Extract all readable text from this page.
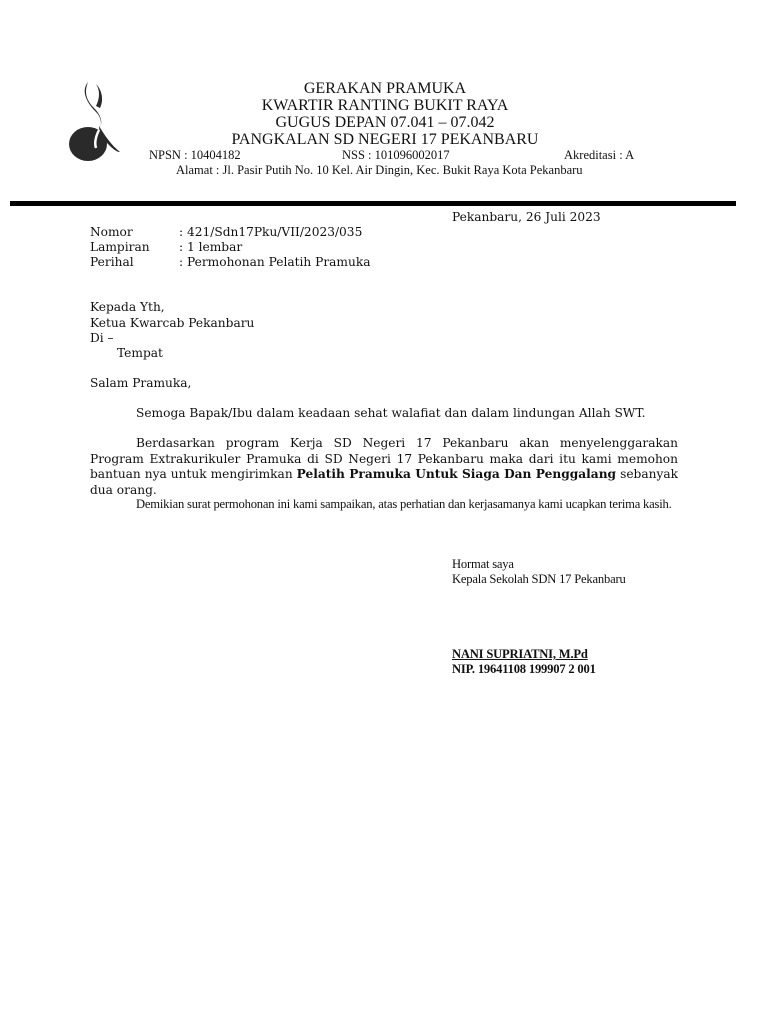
GERAKAN PRAMUKA
KWARTIR RANTING BUKIT RAYA
GUGUS DEPAN 07.041 – 07.042
PANGKALAN SD NEGERI 17 PEKANBARU
NPSN : 10404182	NSS : 101096002017	Akreditasi : A
Alamat : Jl. Pasir Putih No. 10 Kel. Air Dingin, Kec. Bukit Raya Kota Pekanbaru
Pekanbaru, 26 Juli 2023
Nomor	: 421/Sdn17Pku/VII/2023/035
Lampiran : 1 lembar
Perihal	: Permohonan Pelatih Pramuka
Kepada Yth,
Ketua Kwarcab Pekanbaru
Di –
Tempat
Salam Pramuka,
Semoga Bapak/Ibu dalam keadaan sehat walafiat dan dalam lindungan Allah SWT.
Berdasarkan program Kerja SD Negeri 17 Pekanbaru akan menyelenggarakan Program Extrakurikuler Pramuka di SD Negeri 17 Pekanbaru maka dari itu kami memohon bantuan nya untuk mengirimkan Pelatih Pramuka Untuk Siaga Dan Penggalang sebanyak dua orang.
Demikian surat permohonan ini kami sampaikan, atas perhatian dan kerjasamanya kami ucapkan terima kasih.
Hormat saya
Kepala Sekolah SDN 17 Pekanbaru
NANI SUPRIATNI, M.Pd
NIP. 19641108 199907 2 001
